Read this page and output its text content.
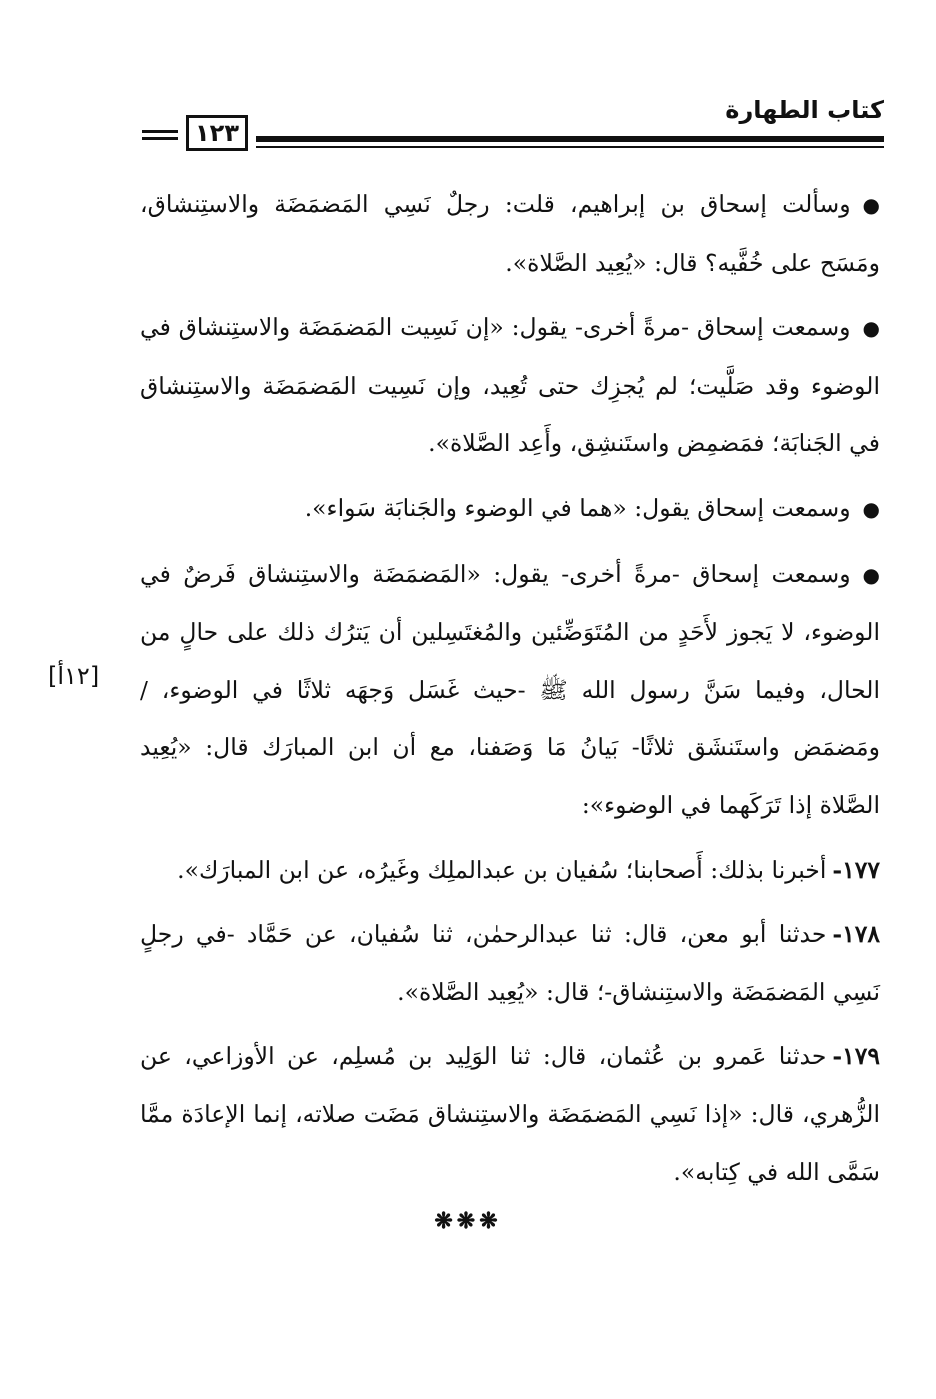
كتاب الطهارة
١٢٣

●وسألت إسحاق بن إبراهيم، قلت: رجلٌ نَسِي المَضمَضَة والاستِنشاق، ومَسَح على خُفَّيه؟ قال: «يُعِيد الصَّلاة».

●وسمعت إسحاق -مرةً أخرى- يقول: «إن نَسِيت المَضمَضَة والاستِنشاق في الوضوء وقد صَلَّيت؛ لم يُجزِك حتى تُعِيد، وإن نَسِيت المَضمَضَة والاستِنشاق في الجَنابَة؛ فمَضمِض واستَنشِق، وأَعِد الصَّلاة».

●وسمعت إسحاق يقول: «هما في الوضوء والجَنابَة سَواء».

●وسمعت إسحاق -مرةً أخرى- يقول: «المَضمَضَة والاستِنشاق فَرضٌ في الوضوء، لا يَجوز لأَحَدٍ من المُتَوَضِّئين والمُغتَسِلين أن يَترُك ذلك على حالٍ من الحال، وفيما سَنَّ رسول الله ﷺ -حيث غَسَل وَجهَه ثلاثًا في الوضوء، / ومَضمَض واستَنشَق ثلاثًا- بَيانُ مَا وَصَفنا، مع أن ابن المبارَك قال: «يُعِيد الصَّلاة إذا تَرَكَهما في الوضوء»:

١٧٧-أخبرنا بذلك: أَصحابنا؛ سُفيان بن عبدالملِك وغَيرُه، عن ابن المبارَك».

١٧٨-حدثنا أبو معن، قال: ثنا عبدالرحمٰن، ثنا سُفيان، عن حَمَّاد -في رجلٍ نَسِي المَضمَضَة والاستِنشاق-؛ قال: «يُعِيد الصَّلاة».

١٧٩-حدثنا عَمرو بن عُثمان، قال: ثنا الوَلِيد بن مُسلِم، عن الأوزاعي، عن الزُّهري، قال: «إذا نَسِي المَضمَضَة والاستِنشاق مَضَت صلاته، إنما الإعادَة ممَّا سَمَّى الله في كِتابه».

[١٢أ]
❋❋❋
